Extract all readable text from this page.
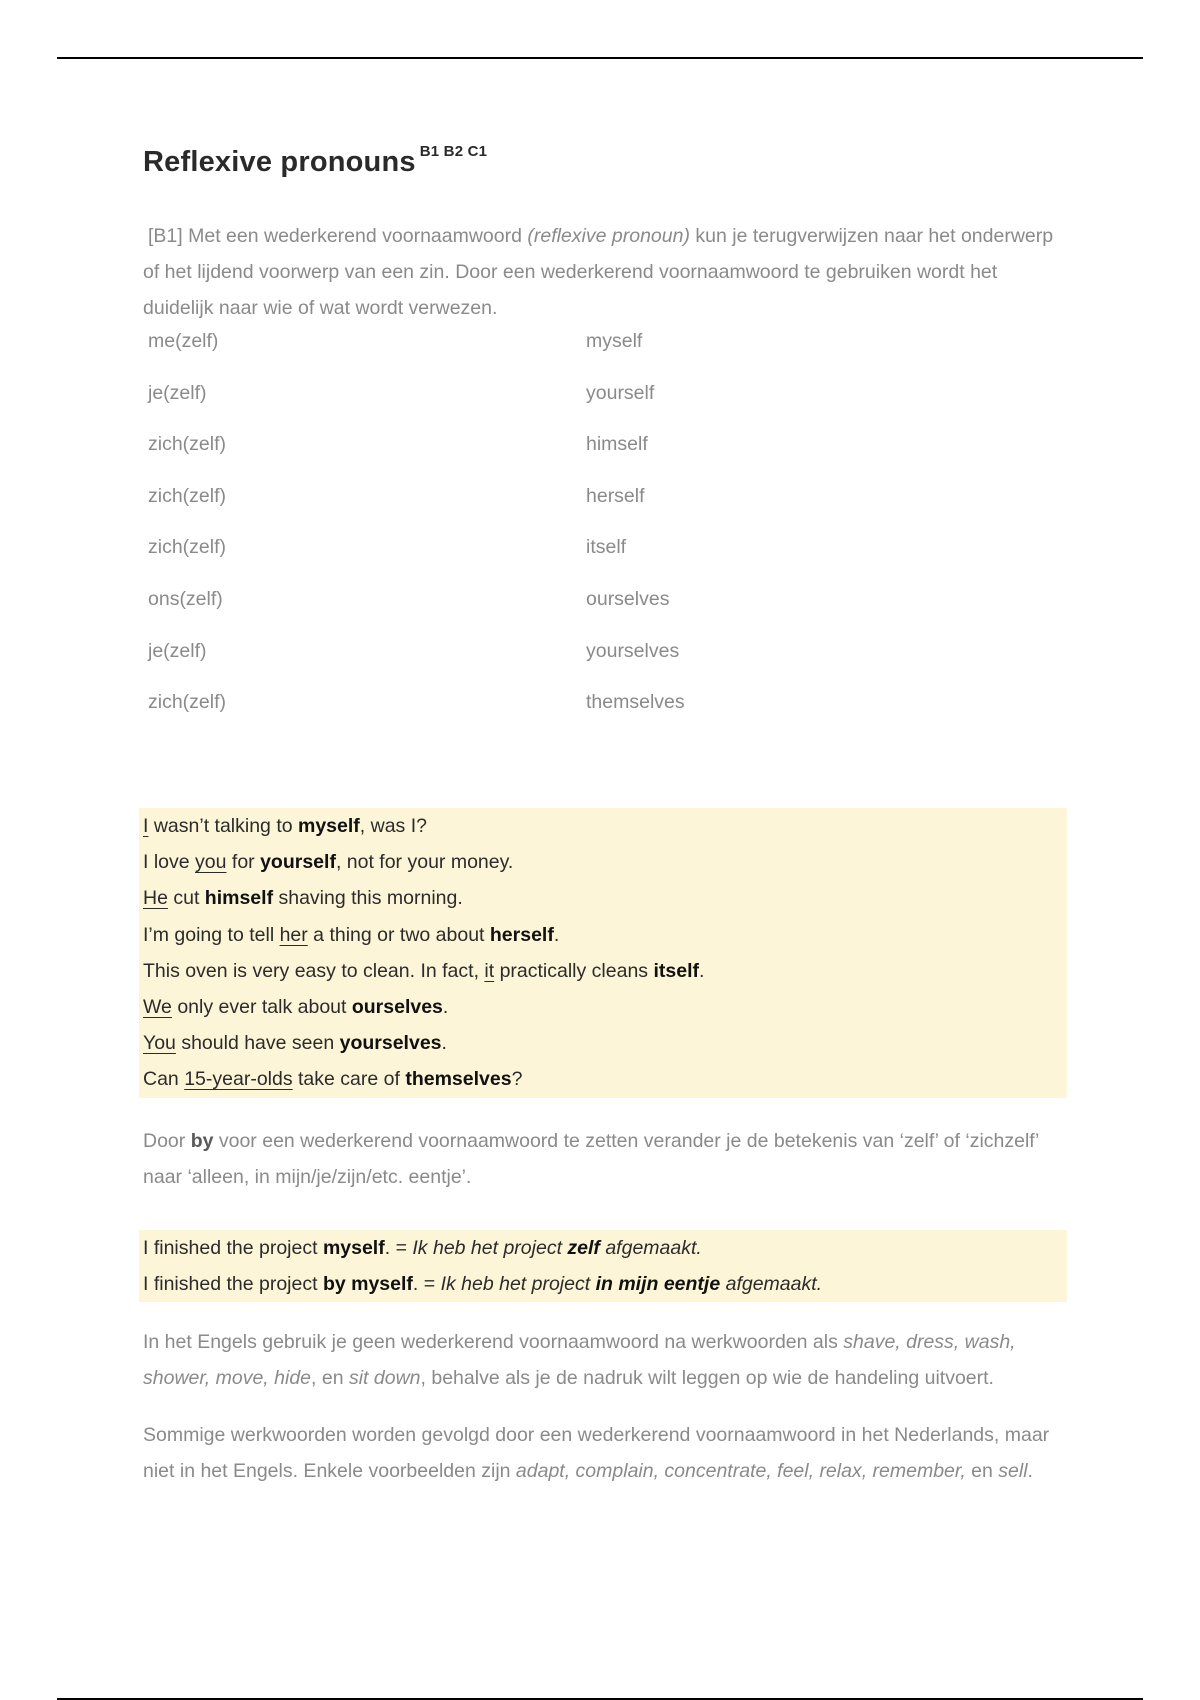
Reflexive pronouns $^{B1 B2 C1}$

[B1] Met een wederkerend voornaamwoord (reflexive pronoun) kun je terugverwijzen naar het onderwerp of het lijdend voorwerp van een zin. Door een wederkerend voornaamwoord te gebruiken wordt het duidelijk naar wie of wat wordt verwezen.

me(zelf)	myself
je(zelf)	yourself
zich(zelf)	himself
zich(zelf)	herself
zich(zelf)	itself
ons(zelf)	ourselves
je(zelf)	yourselves
zich(zelf)	themselves
I wasn’t talking to myself, was I?
I love you for yourself, not for your money.
He cut himself shaving this morning.
I’m going to tell her a thing or two about herself.
This oven is very easy to clean. In fact, it practically cleans itself.
We only ever talk about ourselves.
You should have seen yourselves.
Can 15-year-olds take care of themselves?

Door by voor een wederkerend voornaamwoord te zetten verander je de betekenis van ‘zelf’ of ‘zichzelf’ naar ‘alleen, in mijn/je/zijn/etc. eentje’.

I finished the project myself. = Ik heb het project zelf afgemaakt.
I finished the project by myself. = Ik heb het project in mijn eentje afgemaakt.

In het Engels gebruik je geen wederkerend voornaamwoord na werkwoorden als shave, dress, wash, shower, move, hide, en sit down, behalve als je de nadruk wilt leggen op wie de handeling uitvoert.

Sommige werkwoorden worden gevolgd door een wederkerend voornaamwoord in het Nederlands, maar niet in het Engels. Enkele voorbeelden zijn adapt, complain, concentrate, feel, relax, remember, en sell.
